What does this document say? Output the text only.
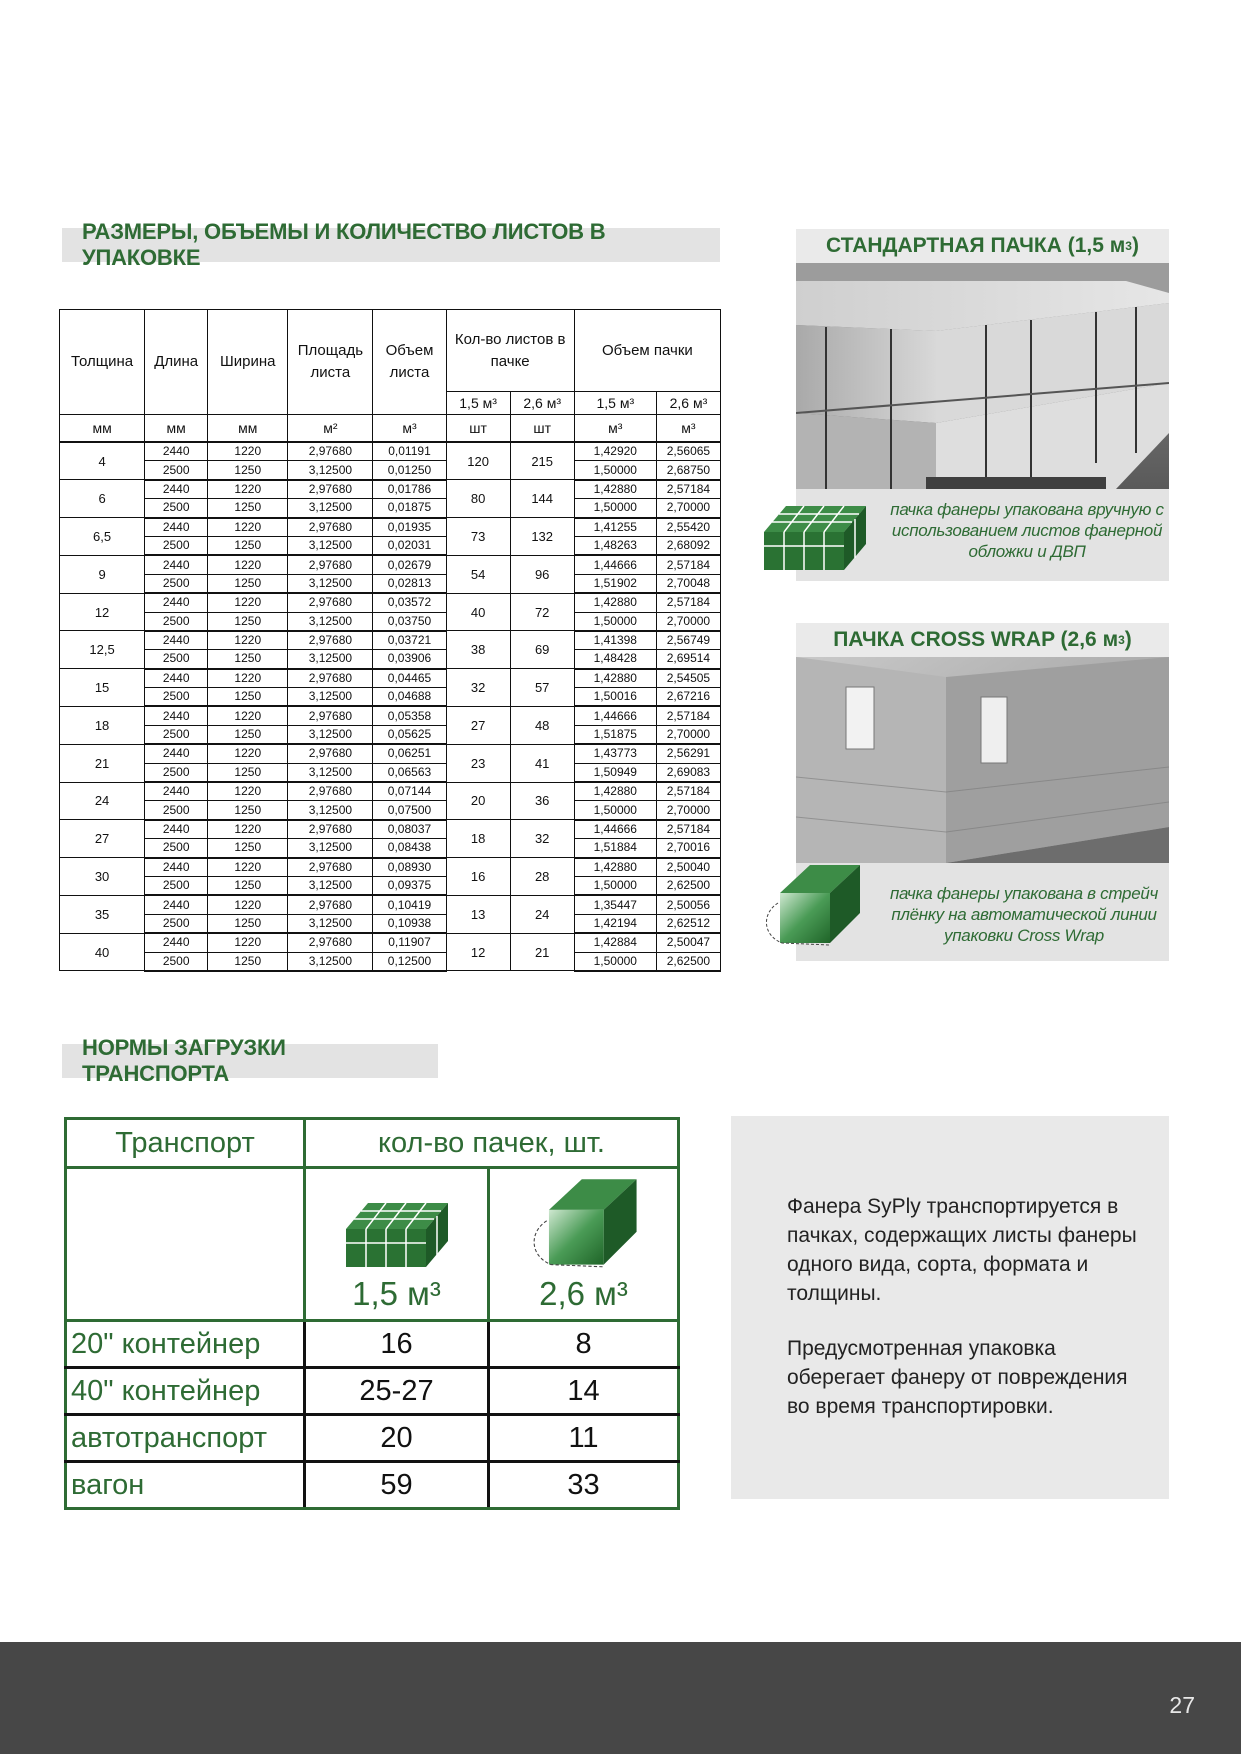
РАЗМЕРЫ, ОБЪЕМЫ И КОЛИЧЕСТВО ЛИСТОВ В УПАКОВКЕ
Толщина	Длина	Ширина	Площадь листа	Объем листа	Кол-во листов в пачке		Объем пачки	
					1,5 м³	2,6 м³	1,5 м³	2,6 м³
мм	мм	мм	м²	м³	шт	шт	м³	м³
4	2440	1220	2,97680	0,01191	120	215	1,42920	2,56065
	2500	1250	3,12500	0,01250			1,50000	2,68750
6	2440	1220	2,97680	0,01786	80	144	1,42880	2,57184
	2500	1250	3,12500	0,01875			1,50000	2,70000
6,5	2440	1220	2,97680	0,01935	73	132	1,41255	2,55420
	2500	1250	3,12500	0,02031			1,48263	2,68092
9	2440	1220	2,97680	0,02679	54	96	1,44666	2,57184
	2500	1250	3,12500	0,02813			1,51902	2,70048
12	2440	1220	2,97680	0,03572	40	72	1,42880	2,57184
	2500	1250	3,12500	0,03750			1,50000	2,70000
12,5	2440	1220	2,97680	0,03721	38	69	1,41398	2,56749
	2500	1250	3,12500	0,03906			1,48428	2,69514
15	2440	1220	2,97680	0,04465	32	57	1,42880	2,54505
	2500	1250	3,12500	0,04688			1,50016	2,67216
18	2440	1220	2,97680	0,05358	27	48	1,44666	2,57184
	2500	1250	3,12500	0,05625			1,51875	2,70000
21	2440	1220	2,97680	0,06251	23	41	1,43773	2,56291
	2500	1250	3,12500	0,06563			1,50949	2,69083
24	2440	1220	2,97680	0,07144	20	36	1,42880	2,57184
	2500	1250	3,12500	0,07500			1,50000	2,70000
27	2440	1220	2,97680	0,08037	18	32	1,44666	2,57184
	2500	1250	3,12500	0,08438			1,51884	2,70016
30	2440	1220	2,97680	0,08930	16	28	1,42880	2,50040
	2500	1250	3,12500	0,09375			1,50000	2,62500
35	2440	1220	2,97680	0,10419	13	24	1,35447	2,50056
	2500	1250	3,12500	0,10938			1,42194	2,62512
40	2440	1220	2,97680	0,11907	12	21	1,42884	2,50047
	2500	1250	3,12500	0,12500			1,50000	2,62500
СТАНДАРТНАЯ ПАЧКА (1,5 м 3 )
пачка фанеры упакована вручную с использованием листов фанерной обложки и ДВП
ПАЧКА CROSS WRAP (2,6 м 3 )
пачка фанеры упакована в стрейч плёнку на автоматической линии упаковки Cross Wrap
НОРМЫ ЗАГРУЗКИ ТРАНСПОРТА
Транспорт	кол-во пачек, шт.	

	1,5 м³	2,6 м³

20" контейнер	16	8
40" контейнер	25-27	14
автотранспорт	20	11
вагон	59	33
Фанера SyPly транспортируется в пачках, содержащих листы фанеры одного вида, сорта, формата и толщины.
Предусмотренная упаковка оберегает фанеру от повреждения во время транспортировки.
27
